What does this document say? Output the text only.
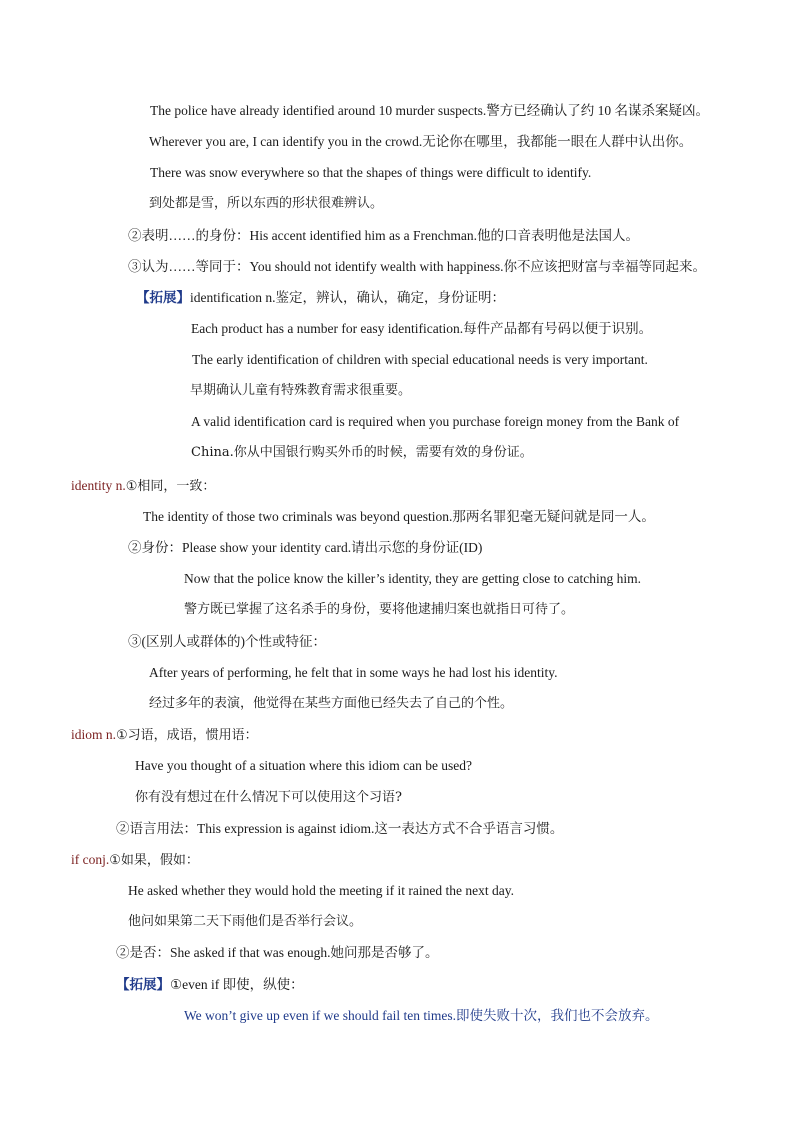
The police have already identified around 10 murder suspects.警方已经确认了约 10 名谋杀案疑凶。
Wherever you are, I can identify you in the crowd.无论你在哪里，我都能一眼在人群中认出你。
There was snow everywhere so that the shapes of things were difficult to identify.
到处都是雪，所以东西的形状很难辨认。
②表明……的身份：His accent identified him as a Frenchman.他的口音表明他是法国人。
③认为……等同于：You should not identify wealth with happiness.你不应该把财富与幸福等同起来。
【拓展】identification n.鉴定，辨认，确认，确定，身份证明：
Each product has a number for easy identification.每件产品都有号码以便于识别。
The early identification of children with special educational needs is very important.
早期确认儿童有特殊教育需求很重要。
A valid identification card is required when you purchase foreign money from the Bank of
China.你从中国银行购买外币的时候，需要有效的身份证。
identity n.①相同，一致：
The identity of those two criminals was beyond question.那两名罪犯毫无疑问就是同一人。
②身份：Please show your identity card.请出示您的身份证(ID)
Now that the police know the killer’s identity, they are getting close to catching him.
警方既已掌握了这名杀手的身份，要将他逮捕归案也就指日可待了。
③(区别人或群体的)个性或特征：
After years of performing, he felt that in some ways he had lost his identity.
经过多年的表演，他觉得在某些方面他已经失去了自己的个性。
idiom n.①习语，成语，惯用语：
Have you thought of a situation where this idiom can be used?
你有没有想过在什么情况下可以使用这个习语?
②语言用法：This expression is against idiom.这一表达方式不合乎语言习惯。
if conj.①如果，假如：
He asked whether they would hold the meeting if it rained the next day.
他问如果第二天下雨他们是否举行会议。
②是否：She asked if that was enough.她问那是否够了。
【拓展】①even if 即使，纵使：
We won’t give up even if we should fail ten times.即使失败十次，我们也不会放弃。
